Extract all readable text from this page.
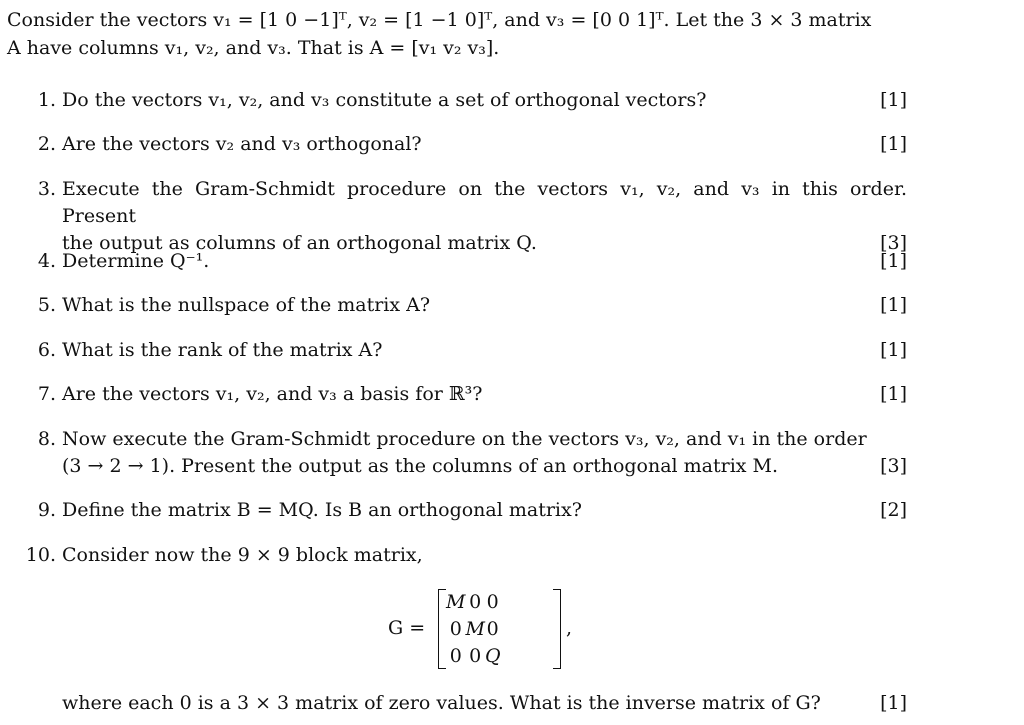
Consider the vectors v₁ = [1 0 −1]ᵀ, v₂ = [1 −1 0]ᵀ, and v₃ = [0 0 1]ᵀ. Let the 3 × 3 matrix
A have columns v₁, v₂, and v₃. That is A = [v₁ v₂ v₃].
1. Do the vectors v₁, v₂, and v₃ constitute a set of orthogonal vectors?	[1]
2. Are the vectors v₂ and v₃ orthogonal?	[1]
3. Execute the Gram-Schmidt procedure on the vectors v₁, v₂, and v₃ in this order. Present
the output as columns of an orthogonal matrix Q.	[3]
4. Determine Q⁻¹.	[1]
5. What is the nullspace of the matrix A?	[1]
6. What is the rank of the matrix A?	[1]
7. Are the vectors v₁, v₂, and v₃ a basis for ℝ³?	[1]
8. Now execute the Gram-Schmidt procedure on the vectors v₃, v₂, and v₁ in the order
(3 → 2 → 1). Present the output as the columns of an orthogonal matrix M.	[3]
9. Define the matrix B = MQ. Is B an orthogonal matrix?	[2]
10. Consider now the 9 × 9 block matrix,
G =
M	0	0
0	M	0
0	0	Q
,
where each 0 is a 3 × 3 matrix of zero values. What is the inverse matrix of G?	[1]
